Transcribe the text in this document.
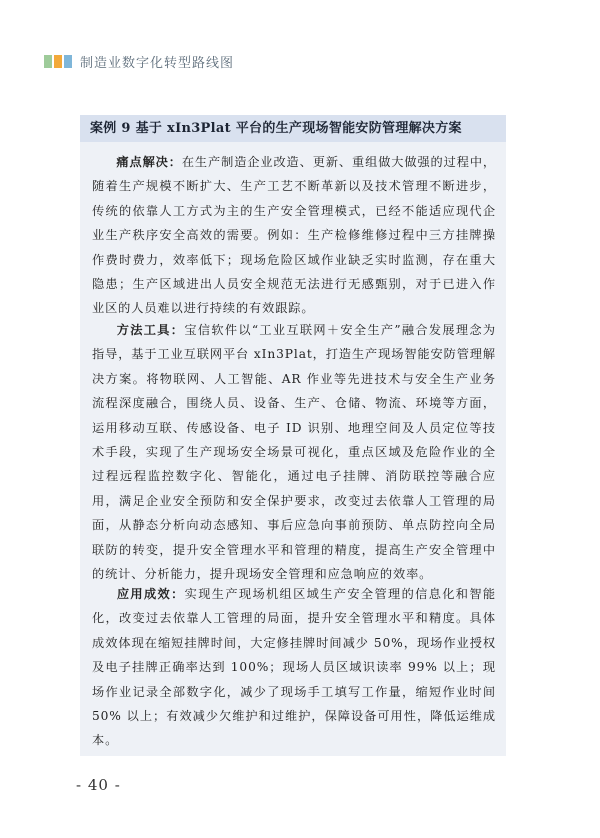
制造业数字化转型路线图
案例 9 基于 xIn3Plat 平台的生产现场智能安防管理解决方案

痛点解决：在生产制造企业改造、更新、重组做大做强的过程中，随着生产规模不断扩大、生产工艺不断革新以及技术管理不断进步，传统的依靠人工方式为主的生产安全管理模式，已经不能适应现代企业生产秩序安全高效的需要。例如：生产检修维修过程中三方挂牌操作费时费力，效率低下；现场危险区域作业缺乏实时监测，存在重大隐患；生产区域进出人员安全规范无法进行无感甄别，对于已进入作业区的人员难以进行持续的有效跟踪。

方法工具：宝信软件以“工业互联网＋安全生产”融合发展理念为指导，基于工业互联网平台 xIn3Plat，打造生产现场智能安防管理解决方案。将物联网、人工智能、AR 作业等先进技术与安全生产业务流程深度融合，围绕人员、设备、生产、仓储、物流、环境等方面，运用移动互联、传感设备、电子 ID 识别、地理空间及人员定位等技术手段，实现了生产现场安全场景可视化，重点区域及危险作业的全过程远程监控数字化、智能化，通过电子挂牌、消防联控等融合应用，满足企业安全预防和安全保护要求，改变过去依靠人工管理的局面，从静态分析向动态感知、事后应急向事前预防、单点防控向全局联防的转变，提升安全管理水平和管理的精度，提高生产安全管理中的统计、分析能力，提升现场安全管理和应急响应的效率。

应用成效：实现生产现场机组区域生产安全管理的信息化和智能化，改变过去依靠人工管理的局面，提升安全管理水平和精度。具体成效体现在缩短挂牌时间，大定修挂牌时间减少 50%，现场作业授权及电子挂牌正确率达到 100%；现场人员区域识读率 99% 以上；现场作业记录全部数字化，减少了现场手工填写工作量，缩短作业时间 50% 以上；有效减少欠维护和过维护，保障设备可用性，降低运维成本。

- 40 -
